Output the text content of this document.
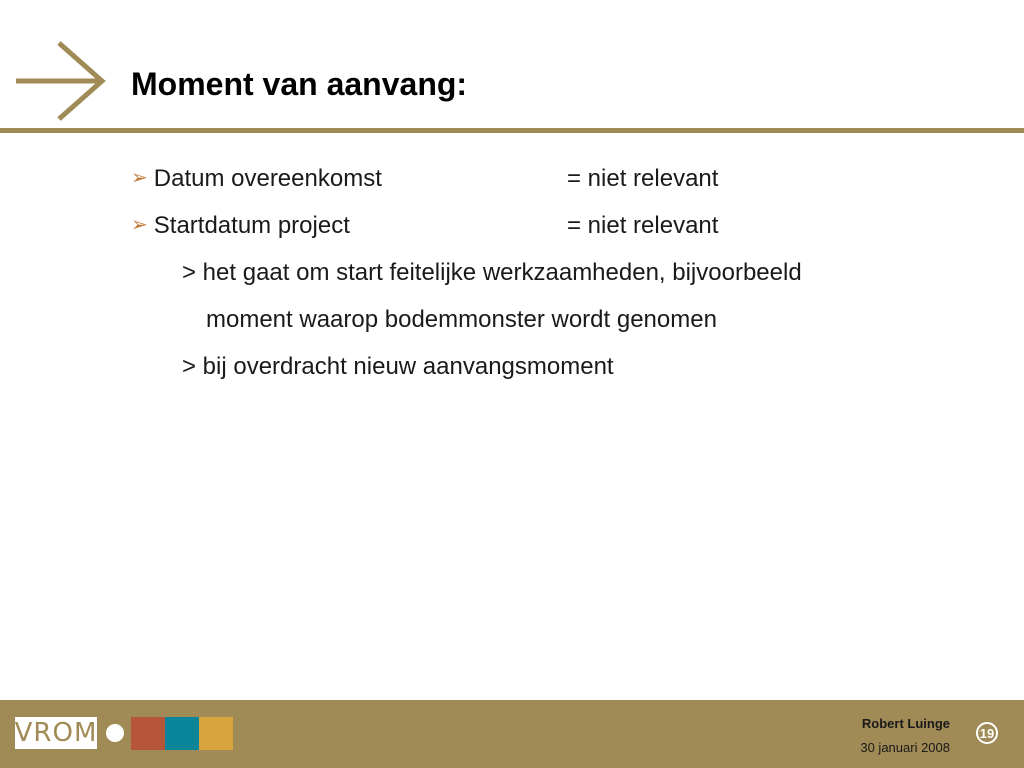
Moment van aanvang:
➢ Datum overeenkomst	= niet relevant
➢ Startdatum project	= niet relevant
> het gaat om start feitelijke werkzaamheden, bijvoorbeeld
moment waarop bodemmonster wordt genomen
> bij overdracht nieuw aanvangsmoment
VROM	Robert Luinge
30 januari 2008
19
